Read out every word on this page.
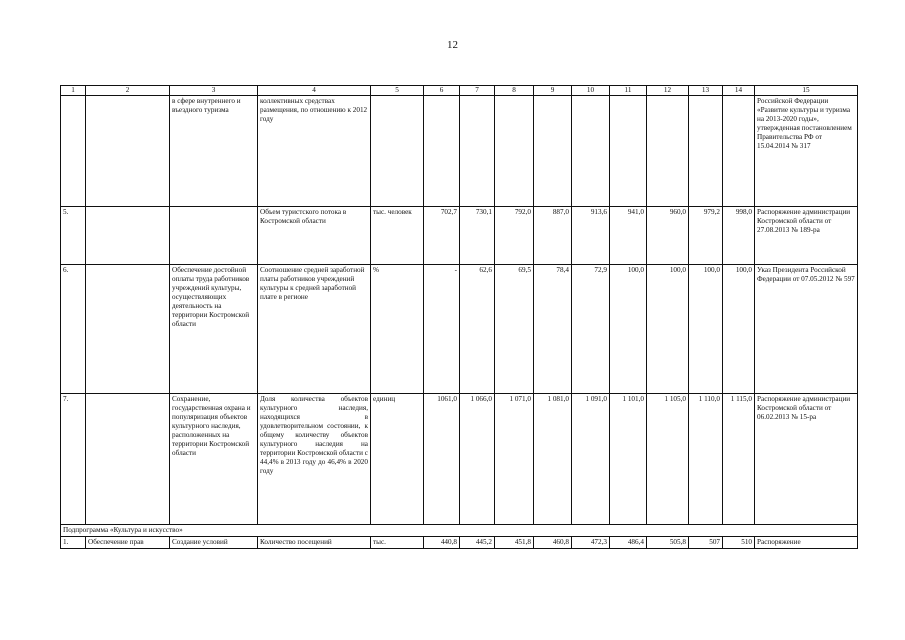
12
1	2	3	4	5	6	7	8	9	10	11	12	13	14	15
		в сфере внутреннего и въездного туризма	коллективных средствах размещения, по отношению к 2012 году											Российской Федерации «Развитие культуры и туризма на 2013-2020 годы», утвержденная постановлением Правительства РФ от 15.04.2014 № 317
5.			Объем туристского потока в Костромской области	тыс. человек	702,7	730,1	792,0	887,0	913,6	941,0	960,0	979,2	998,0	Распоряжение администрации Костромской области от 27.08.2013 № 189-ра
6.		Обеспечение достойной оплаты труда работников учреждений культуры, осуществляющих деятельность на территории Костромской области	Соотношение средней заработной платы работников учреждений культуры к средней заработной плате в регионе	%	-	62,6	69,5	78,4	72,9	100,0	100,0	100,0	100,0	Указ Президента Российской Федерации от 07.05.2012 № 597
7.		Сохранение, государственная охрана и популяризация объектов культурного наследия, расположенных на территории Костромской области	Доля количества объектов культурного наследия, находящихся в удовлетворительном состоянии, к общему количеству объектов культурного наследия на территории Костромской области с 44,4% в 2013 году до 46,4% в 2020 году	единиц	1061,0	1 066,0	1 071,0	1 081,0	1 091,0	1 101,0	1 105,0	1 110,0	1 115,0	Распоряжение администрации Костромской области от 06.02.2013 № 15-ра
Подпрограмма «Культура и искусство»														
1.	Обеспечение прав	Создание условий	Количество посещений	тыс.	440,8	445,2	451,8	460,8	472,3	486,4	505,8	507	510	Распоряжение
